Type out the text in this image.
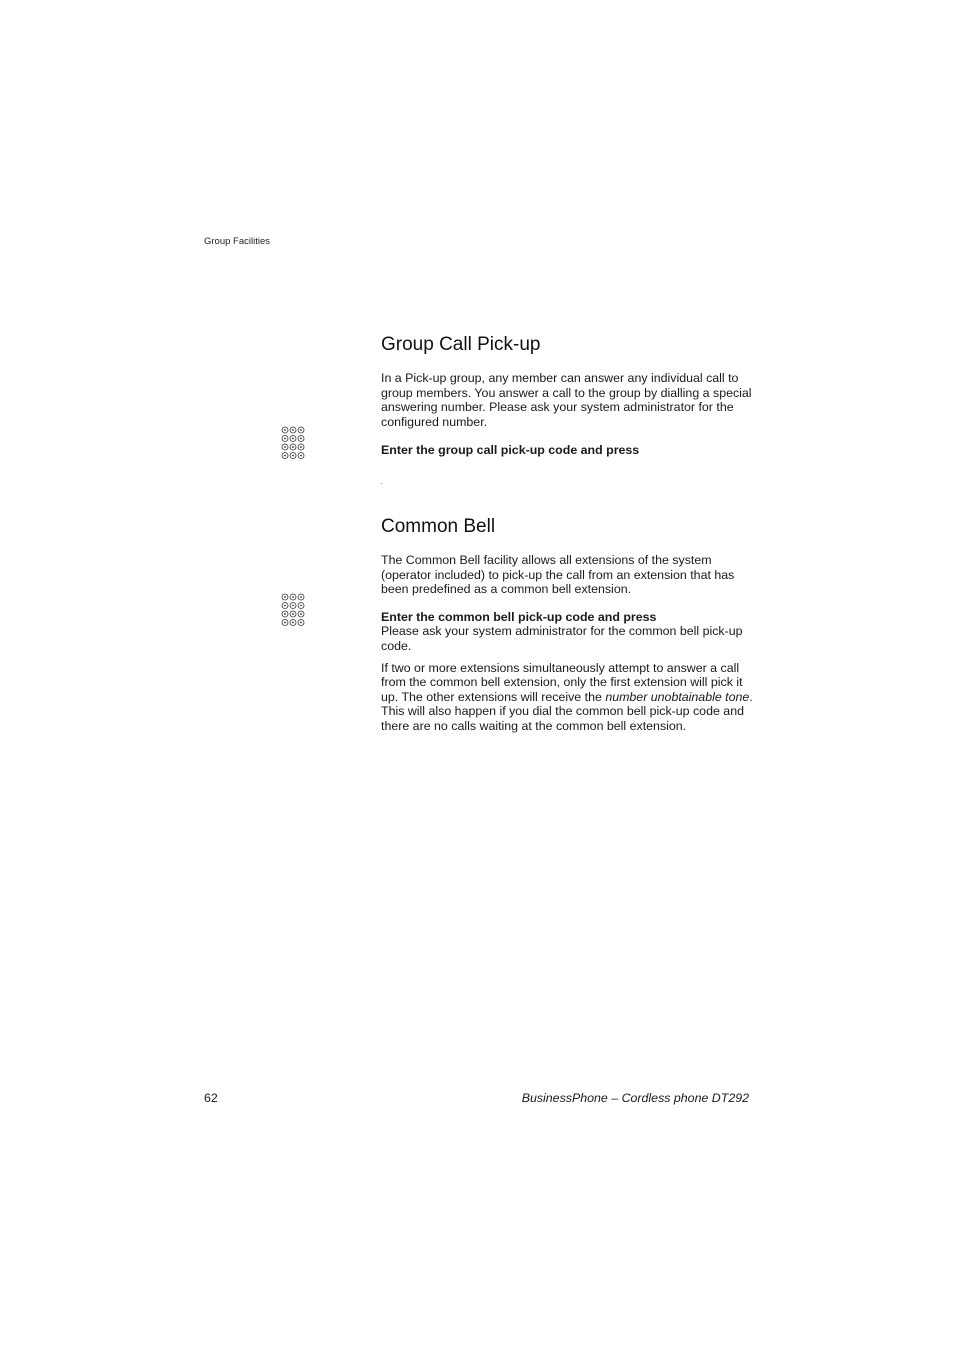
Group Facilities
Group Call Pick-up

In a Pick-up group, any member can answer any individual call to group members. You answer a call to the group by dialling a special answering number. Please ask your system administrator for the configured number.

Enter the group call pick-up code and press

Common Bell

The Common Bell facility allows all extensions of the system (operator included) to pick-up the call from an extension that has been predefined as a common bell extension.

Enter the common bell pick-up code and press

Please ask your system administrator for the common bell pick-up code.

If two or more extensions simultaneously attempt to answer a call from the common bell extension, only the first extension will pick it up. The other extensions will receive the number unobtainable tone. This will also happen if you dial the common bell pick-up code and there are no calls waiting at the common bell extension.

62	BusinessPhone – Cordless phone DT292
